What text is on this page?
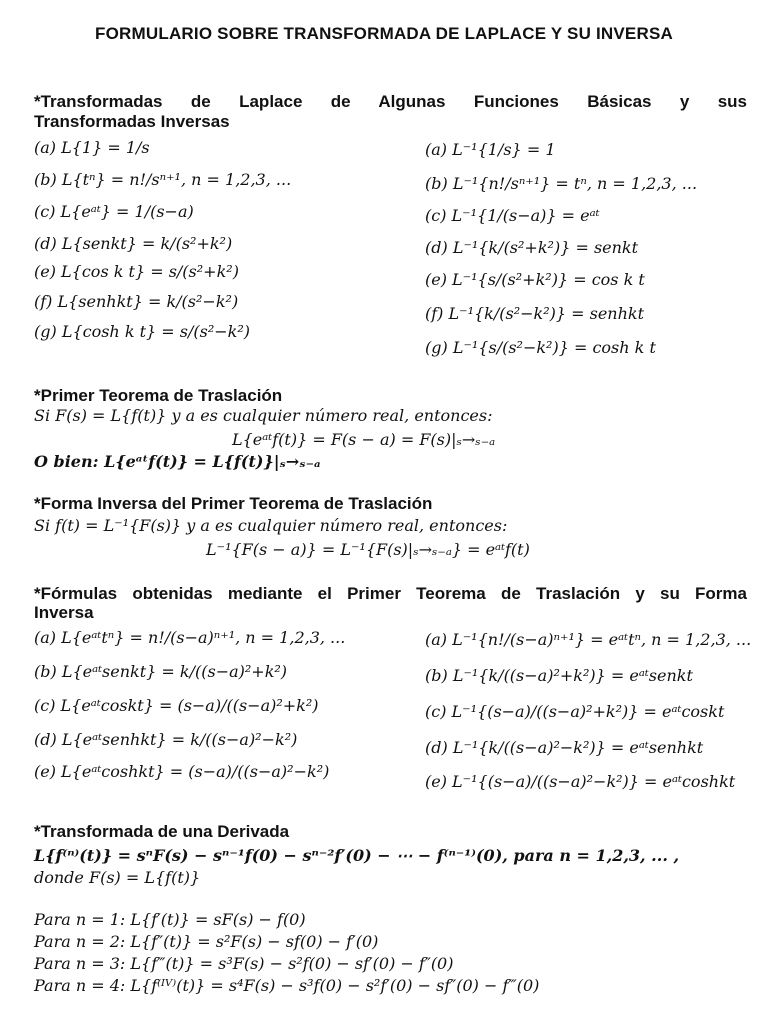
FORMULARIO SOBRE TRANSFORMADA DE LAPLACE Y SU INVERSA
*Transformadas de Laplace de Algunas Funciones Básicas y sus
Transformadas Inversas
(a) L{1} = 1/s
(b) L{tⁿ} = n!/sⁿ⁺¹, n = 1,2,3, ...
(c) L{eᵃᵗ} = 1/(s−a)
(d) L{senkt} = k/(s²+k²)
(e) L{cos k t} = s/(s²+k²)
(f) L{senhkt} = k/(s²−k²)
(g) L{cosh k t} = s/(s²−k²)
(a) L⁻¹{1/s} = 1
(b) L⁻¹{n!/sⁿ⁺¹} = tⁿ, n = 1,2,3, ...
(c) L⁻¹{1/(s−a)} = eᵃᵗ
(d) L⁻¹{k/(s²+k²)} = senkt
(e) L⁻¹{s/(s²+k²)} = cos k t
(f) L⁻¹{k/(s²−k²)} = senhkt
(g) L⁻¹{s/(s²−k²)} = cosh k t
*Primer Teorema de Traslación
Si F(s) = L{f(t)} y a es cualquier número real, entonces:
L{eᵃᵗf(t)} = F(s − a) = F(s)|ₛ→ₛ₋ₐ
O bien: L{eᵃᵗf(t)} = L{f(t)}|ₛ→ₛ₋ₐ
*Forma Inversa del Primer Teorema de Traslación
Si f(t) = L⁻¹{F(s)} y a es cualquier número real, entonces:
L⁻¹{F(s − a)} = L⁻¹{F(s)|ₛ→ₛ₋ₐ} = eᵃᵗf(t)
*Fórmulas obtenidas mediante el Primer Teorema de Traslación y su Forma
Inversa
(a) L{eᵃᵗtⁿ} = n!/(s−a)ⁿ⁺¹, n = 1,2,3, ...
(b) L{eᵃᵗsenkt} = k/((s−a)²+k²)
(c) L{eᵃᵗcoskt} = (s−a)/((s−a)²+k²)
(d) L{eᵃᵗsenhkt} = k/((s−a)²−k²)
(e) L{eᵃᵗcoshkt} = (s−a)/((s−a)²−k²)
(a) L⁻¹{n!/(s−a)ⁿ⁺¹} = eᵃᵗtⁿ, n = 1,2,3, ...
(b) L⁻¹{k/((s−a)²+k²)} = eᵃᵗsenkt
(c) L⁻¹{(s−a)/((s−a)²+k²)} = eᵃᵗcoskt
(d) L⁻¹{k/((s−a)²−k²)} = eᵃᵗsenhkt
(e) L⁻¹{(s−a)/((s−a)²−k²)} = eᵃᵗcoshkt
*Transformada de una Derivada
L{f⁽ⁿ⁾(t)} = sⁿF(s) − sⁿ⁻¹f(0) − sⁿ⁻²f′(0) − ⋯ − f⁽ⁿ⁻¹⁾(0), para n = 1,2,3, ... ,
donde F(s) = L{f(t)}
Para n = 1: L{f′(t)} = sF(s) − f(0)
Para n = 2: L{f″(t)} = s²F(s) − sf(0) − f′(0)
Para n = 3: L{f‴(t)} = s³F(s) − s²f(0) − sf′(0) − f″(0)
Para n = 4: L{f⁽ᴵⱽ⁾(t)} = s⁴F(s) − s³f(0) − s²f′(0) − sf″(0) − f‴(0)
